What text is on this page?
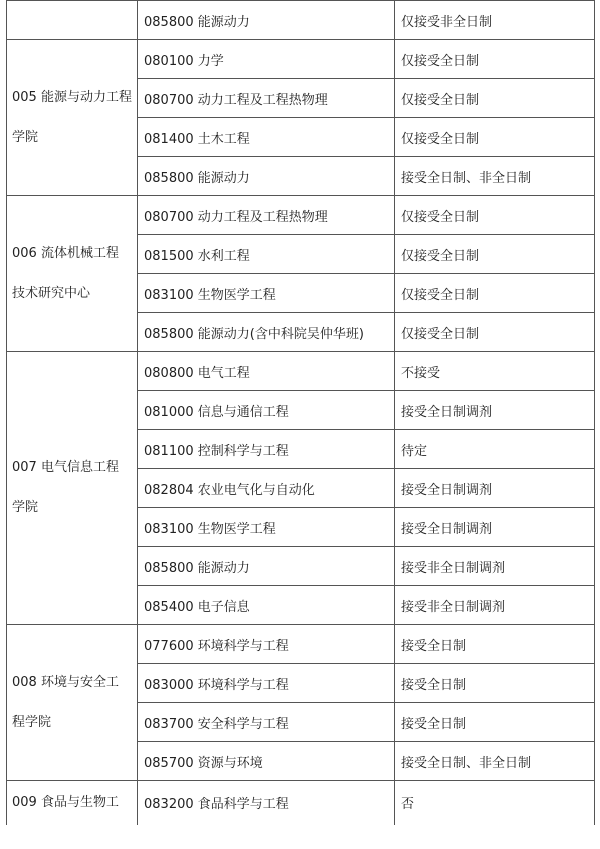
	085800 能源动力	仅接受非全日制

005 能源与动力工程
学院	080100 力学	仅接受全日制
	080700 动力工程及工程热物理	仅接受全日制
	081400 土木工程	仅接受全日制
	085800 能源动力	接受全日制、非全日制

006 流体机械工程
技术研究中心	080700 动力工程及工程热物理	仅接受全日制
	081500 水利工程	仅接受全日制
	083100 生物医学工程	仅接受全日制
	085800 能源动力(含中科院吴仲华班)	仅接受全日制

007 电气信息工程
学院	080800 电气工程	不接受
	081000 信息与通信工程	接受全日制调剂
	081100 控制科学与工程	待定
	082804 农业电气化与自动化	接受全日制调剂
	083100 生物医学工程	接受全日制调剂
	085800 能源动力	接受非全日制调剂
	085400 电子信息	接受非全日制调剂

008 环境与安全工
程学院	077600 环境科学与工程	接受全日制
	083000 环境科学与工程	接受全日制
	083700 安全科学与工程	接受全日制
	085700 资源与环境	接受全日制、非全日制

009 食品与生物工	083200 食品科学与工程	否
